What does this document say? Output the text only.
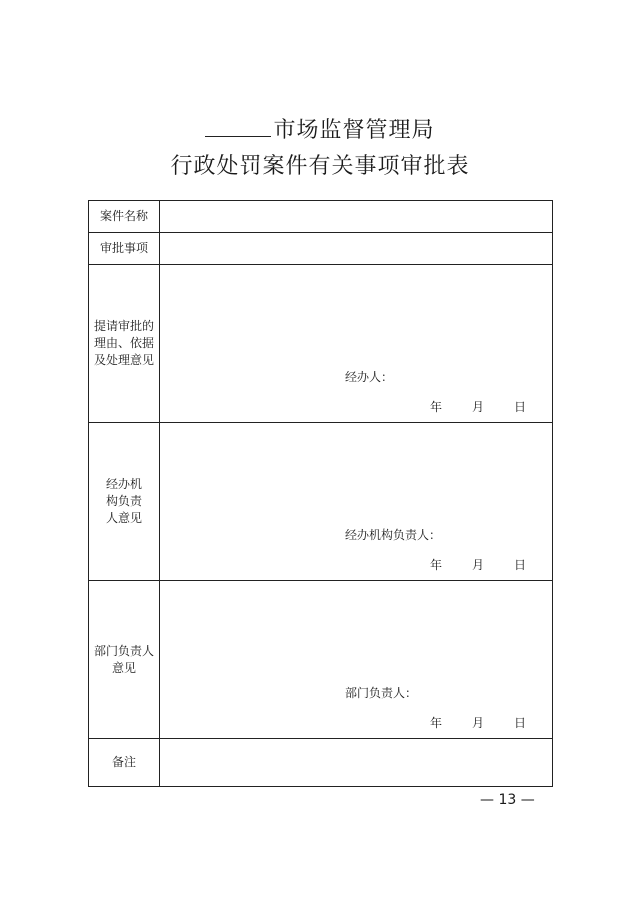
市场监督管理局
行政处罚案件有关事项审批表
案件名称	
审批事项	

提请审批的理由、依据及处理意见	经办人：
年 月 日

经办机构负责人意见	经办机构负责人：
年 月 日

部门负责人意见	部门负责人：
年 月 日

备注	
— 13 —
